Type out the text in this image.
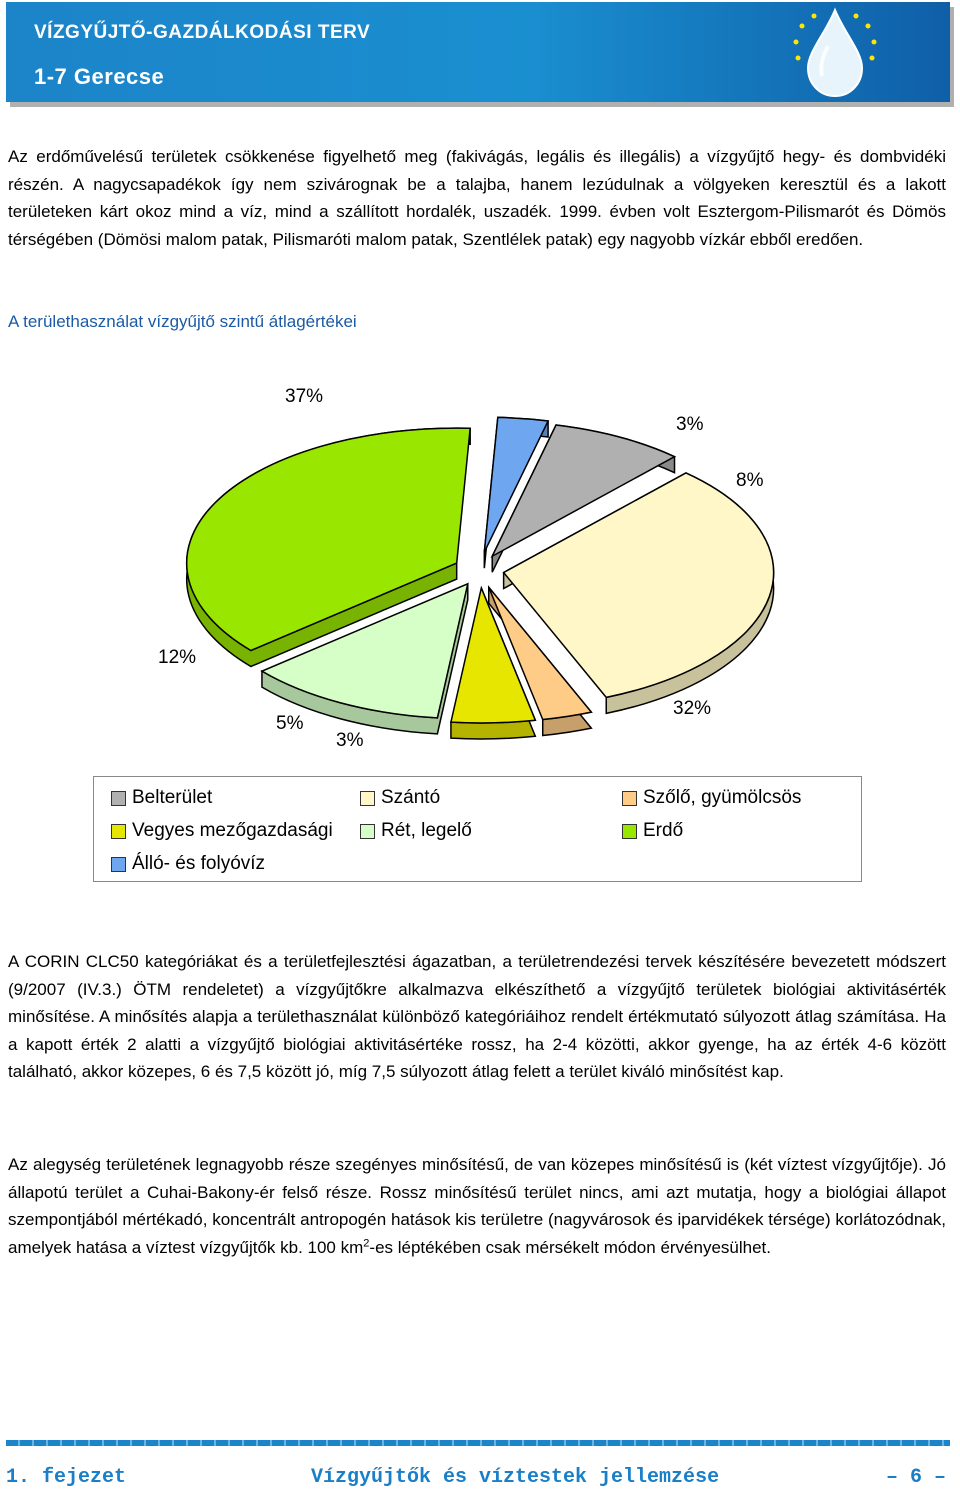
VÍZGYŰJTŐ-GAZDÁLKODÁSI TERV
1-7 Gerecse

Az erdőművelésű területek csökkenése figyelhető meg (fakivágás, legális és illegális) a vízgyűjtő hegy- és dombvidéki részén. A nagycsapadékok így nem szivárognak be a talajba, hanem lezúdulnak a völgyeken keresztül és a lakott területeken kárt okoz mind a víz, mind a szállított hordalék, uszadék. 1999. évben volt Esztergom-Pilismarót és Dömös térségében (Dömösi malom patak, Pilismaróti malom patak, Szentlélek patak) egy nagyobb vízkár ebből eredően.

A területhasználat vízgyűjtő szintű átlagértékei
37%
3%
8%
32%
3%
5%
12%
Belterület	Szántó	Szőlő, gyümölcsös
Vegyes mezőgazdasági	Rét, legelő	Erdő
Álló- és folyóvíz

A CORIN CLC50 kategóriákat és a területfejlesztési ágazatban, a területrendezési tervek készítésére bevezetett módszert (9/2007 (IV.3.) ÖTM rendeletet) a vízgyűjtőkre alkalmazva elkészíthető a vízgyűjtő területek biológiai aktivitásérték minősítése. A minősítés alapja a területhasználat különböző kategóriáihoz rendelt értékmutató súlyozott átlag számítása. Ha a kapott érték 2 alatti a vízgyűjtő biológiai aktivitásértéke rossz, ha 2-4 közötti, akkor gyenge, ha az érték 4-6 között található, akkor közepes, 6 és 7,5 között jó, míg 7,5 súlyozott átlag felett a terület kiváló minősítést kap.

Az alegység területének legnagyobb része szegényes minősítésű, de van közepes minősítésű is (két víztest vízgyűjtője). Jó állapotú terület a Cuhai-Bakony-ér felső része. Rossz minősítésű terület nincs, ami azt mutatja, hogy a biológiai állapot szempontjából mértékadó, koncentrált antropogén hatások kis területre (nagyvárosok és iparvidékek térsége) korlátozódnak, amelyek hatása a víztest vízgyűjtők kb. 100 $km^2-es$ léptékében csak mérsékelt módon érvényesülhet.

1. fejezet	Vízgyűjtők és víztestek jellemzése	– 6 –
